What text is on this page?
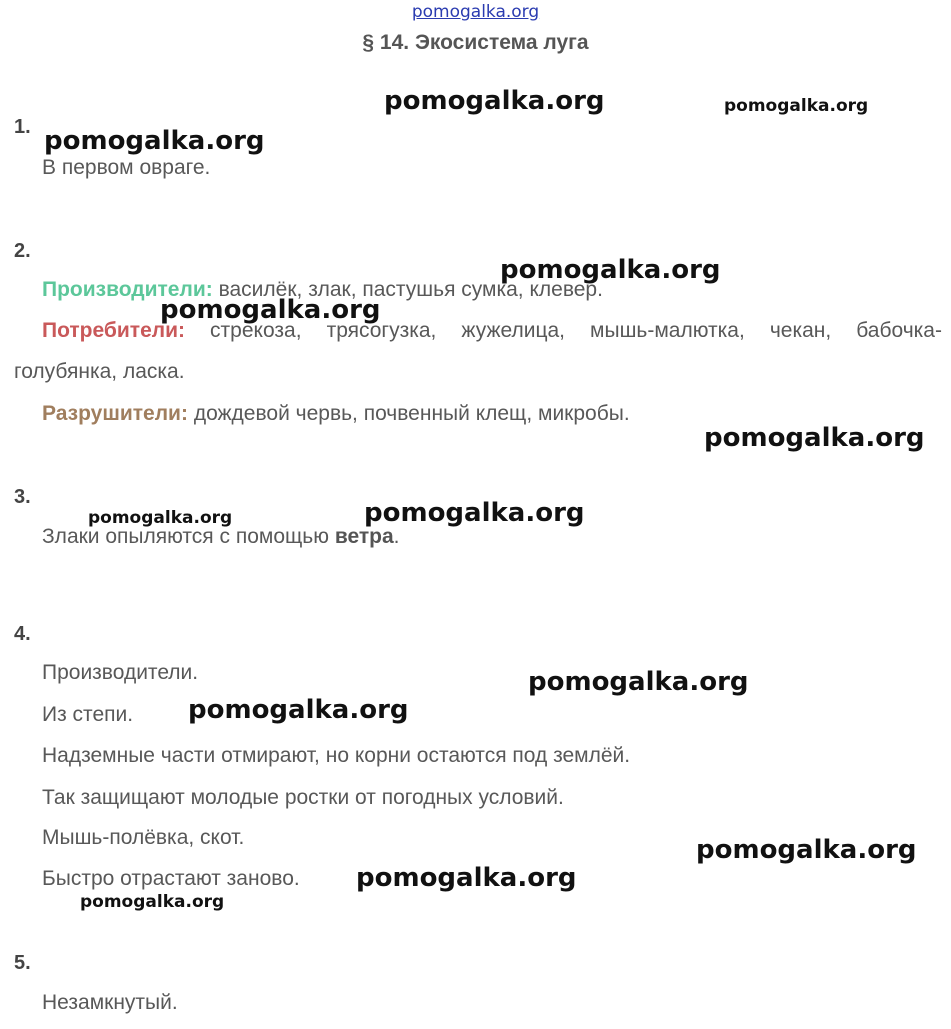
pomogalka.org
§ 14. Экосистема луга
1.
В первом овраге.
2.
Производители: василёк, злак, пастушья сумка, клевер.
Потребители: стрекоза, трясогузка, жужелица, мышь-малютка, чекан, бабочка-
голубянка, ласка.
Разрушители: дождевой червь, почвенный клещ, микробы.
3.
Злаки опыляются с помощью ветра.
4.
Производители.
Из степи.
Надземные части отмирают, но корни остаются под землёй.
Так защищают молодые ростки от погодных условий.
Мышь-полёвка, скот.
Быстро отрастают заново.
5.
Незамкнутый.
pomogalka.org	pomogalka.org
pomogalka.org
pomogalka.org
pomogalka.org
pomogalka.org
pomogalka.org	pomogalka.org
pomogalka.org
pomogalka.org
pomogalka.org
pomogalka.org
pomogalka.org
